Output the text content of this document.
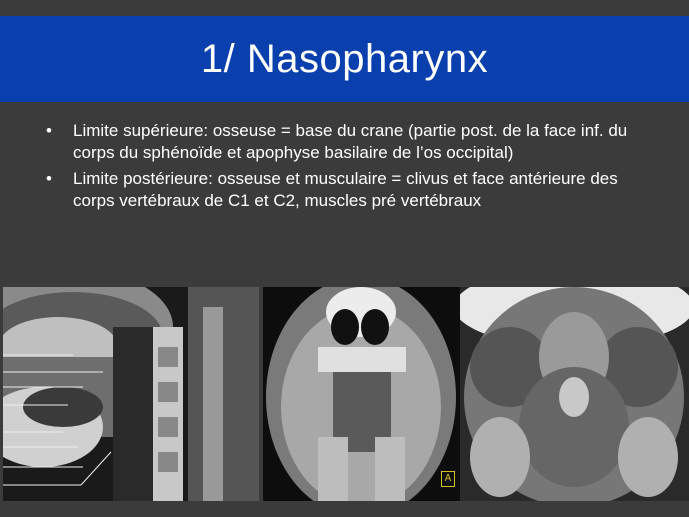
1/ Nasopharynx
• Limite supérieure: osseuse = base du crane (partie post. de la face inf. du corps du sphénoïde et apophyse basilaire de l’os occipital)
• Limite postérieure: osseuse et musculaire = clivus et face antérieure des corps vertébraux de C1 et C2, muscles pré vertébraux
A
